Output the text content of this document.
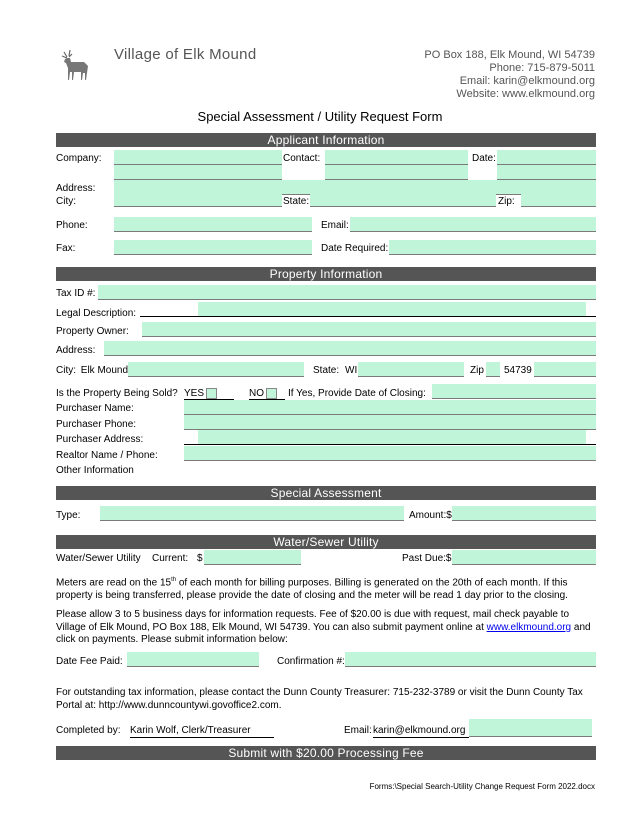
Village of Elk Mound	PO Box 188, Elk Mound, WI 54739
Phone: 715-879-5011
Email: karin@elkmound.org
Website: www.elkmound.org
Special Assessment / Utility Request Form
Applicant Information
Company:	Contact:	Date:
Address:
City:	State:	Zip:
Phone:	Email:
Fax:	Date Required:
Property Information
Tax ID #:
Legal Description:
Property Owner:
Address:
City: Elk Mound	State: WI	Zip 54739
Is the Property Being Sold? YES	NO	If Yes, Provide Date of Closing:
Purchaser Name:
Purchaser Phone:
Purchaser Address:
Realtor Name / Phone:
Other Information
Special Assessment
Type:	Amount:$
Water/Sewer Utility
Water/Sewer Utility Current: $	Past Due:$
Meters are read on the 15th of each month for billing purposes. Billing is generated on the 20th of each month. If this property is being transferred, please provide the date of closing and the meter will be read 1 day prior to the closing.
Please allow 3 to 5 business days for information requests. Fee of $20.00 is due with request, mail check payable to Village of Elk Mound, PO Box 188, Elk Mound, WI 54739. You can also submit payment online at www.elkmound.org and click on payments. Please submit information below:
Date Fee Paid:	Confirmation #:
For outstanding tax information, please contact the Dunn County Treasurer: 715-232-3789 or visit the Dunn County Tax Portal at: http://www.dunncountywi.govoffice2.com.
Completed by: Karin Wolf, Clerk/Treasurer	Email: karin@elkmound.org
Submit with $20.00 Processing Fee
Forms:\Special Search-Utility Change Request Form 2022.docx
